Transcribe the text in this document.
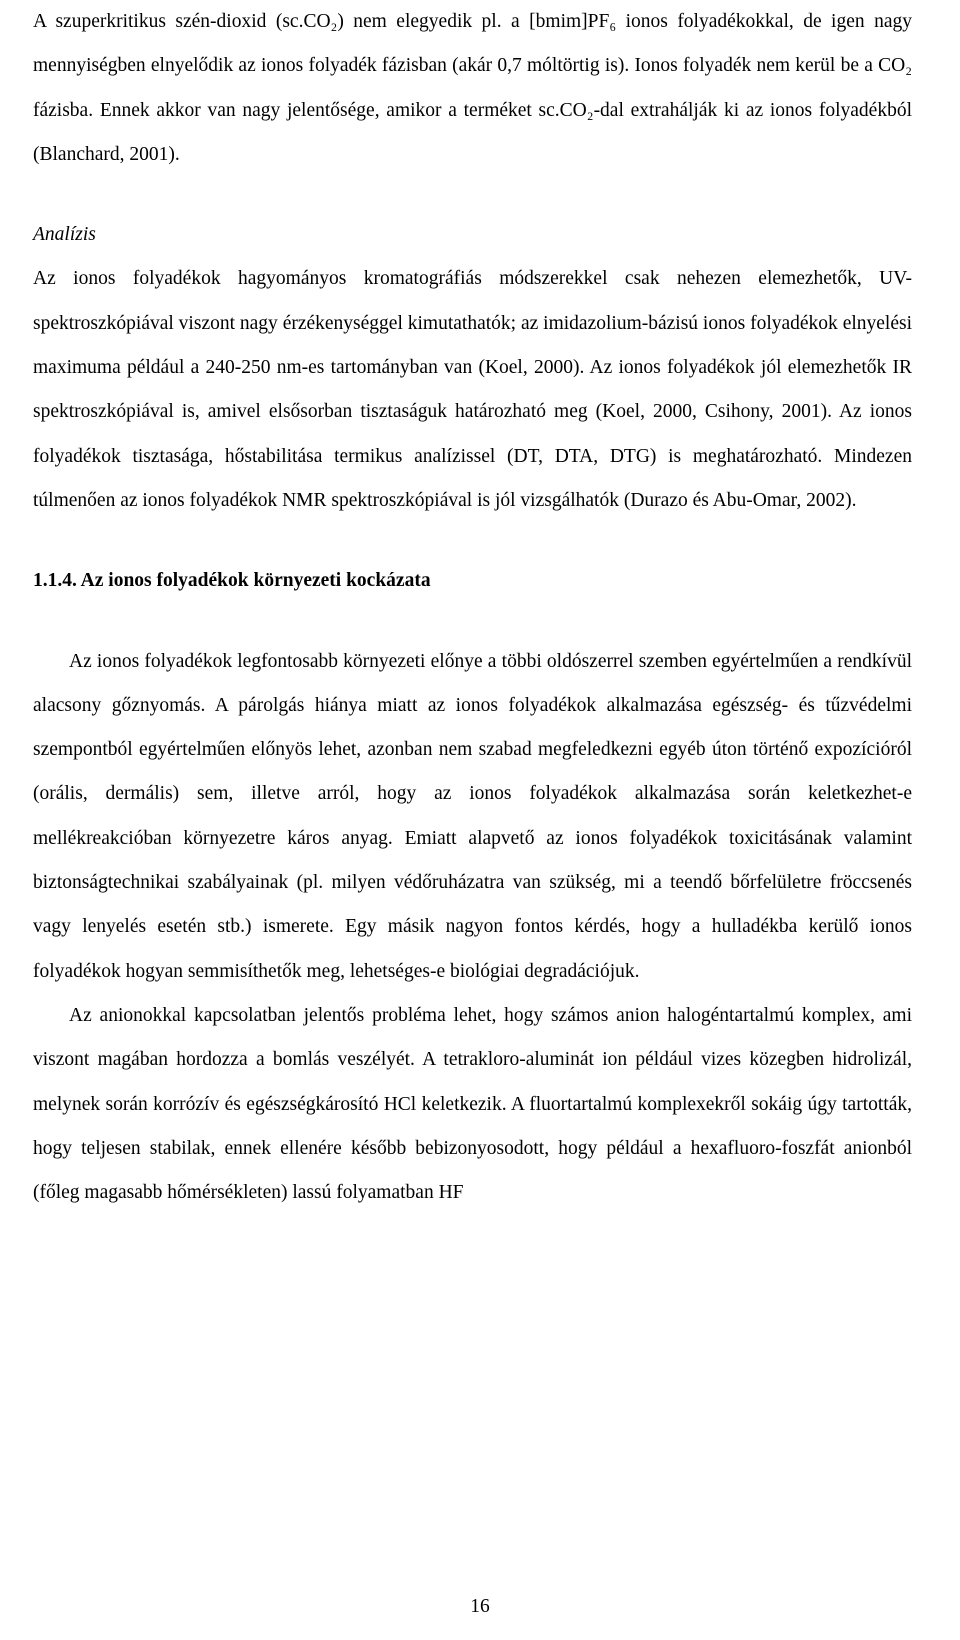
A szuperkritikus szén-dioxid (sc.CO₂) nem elegyedik pl. a [bmim]PF₆ ionos folyadékokkal, de igen nagy mennyiségben elnyelődik az ionos folyadék fázisban (akár 0,7 móltörtig is). Ionos folyadék nem kerül be a CO₂ fázisba. Ennek akkor van nagy jelentősége, amikor a terméket sc.CO₂-dal extrahálják ki az ionos folyadékból (Blanchard, 2001).

Analízis

Az ionos folyadékok hagyományos kromatográfiás módszerekkel csak nehezen elemezhetők, UV-spektroszkópiával viszont nagy érzékenységgel kimutathatók; az imidazolium-bázisú ionos folyadékok elnyelési maximuma például a 240-250 nm-es tartományban van (Koel, 2000). Az ionos folyadékok jól elemezhetők IR spektroszkópiával is, amivel elsősorban tisztaságuk határozható meg (Koel, 2000, Csihony, 2001). Az ionos folyadékok tisztasága, hőstabilitása termikus analízissel (DT, DTA, DTG) is meghatározható. Mindezen túlmenően az ionos folyadékok NMR spektroszkópiával is jól vizsgálhatók (Durazo és Abu-Omar, 2002).

1.1.4. Az ionos folyadékok környezeti kockázata

Az ionos folyadékok legfontosabb környezeti előnye a többi oldószerrel szemben egyértelműen a rendkívül alacsony gőznyomás. A párolgás hiánya miatt az ionos folyadékok alkalmazása egészség- és tűzvédelmi szempontból egyértelműen előnyös lehet, azonban nem szabad megfeledkezni egyéb úton történő expozícióról (orális, dermális) sem, illetve arról, hogy az ionos folyadékok alkalmazása során keletkezhet-e mellékreakcióban környezetre káros anyag. Emiatt alapvető az ionos folyadékok toxicitásának valamint biztonságtechnikai szabályainak (pl. milyen védőruházatra van szükség, mi a teendő bőrfelületre fröccsenés vagy lenyelés esetén stb.) ismerete. Egy másik nagyon fontos kérdés, hogy a hulladékba kerülő ionos folyadékok hogyan semmisíthetők meg, lehetséges-e biológiai degradációjuk.

Az anionokkal kapcsolatban jelentős probléma lehet, hogy számos anion halogéntartalmú komplex, ami viszont magában hordozza a bomlás veszélyét. A tetrakloro-aluminát ion például vizes közegben hidrolizál, melynek során korrózív és egészségkárosító HCl keletkezik. A fluortartalmú komplexekről sokáig úgy tartották, hogy teljesen stabilak, ennek ellenére később bebizonyosodott, hogy például a hexafluoro-foszfát anionból (főleg magasabb hőmérsékleten) lassú folyamatban HF

16
